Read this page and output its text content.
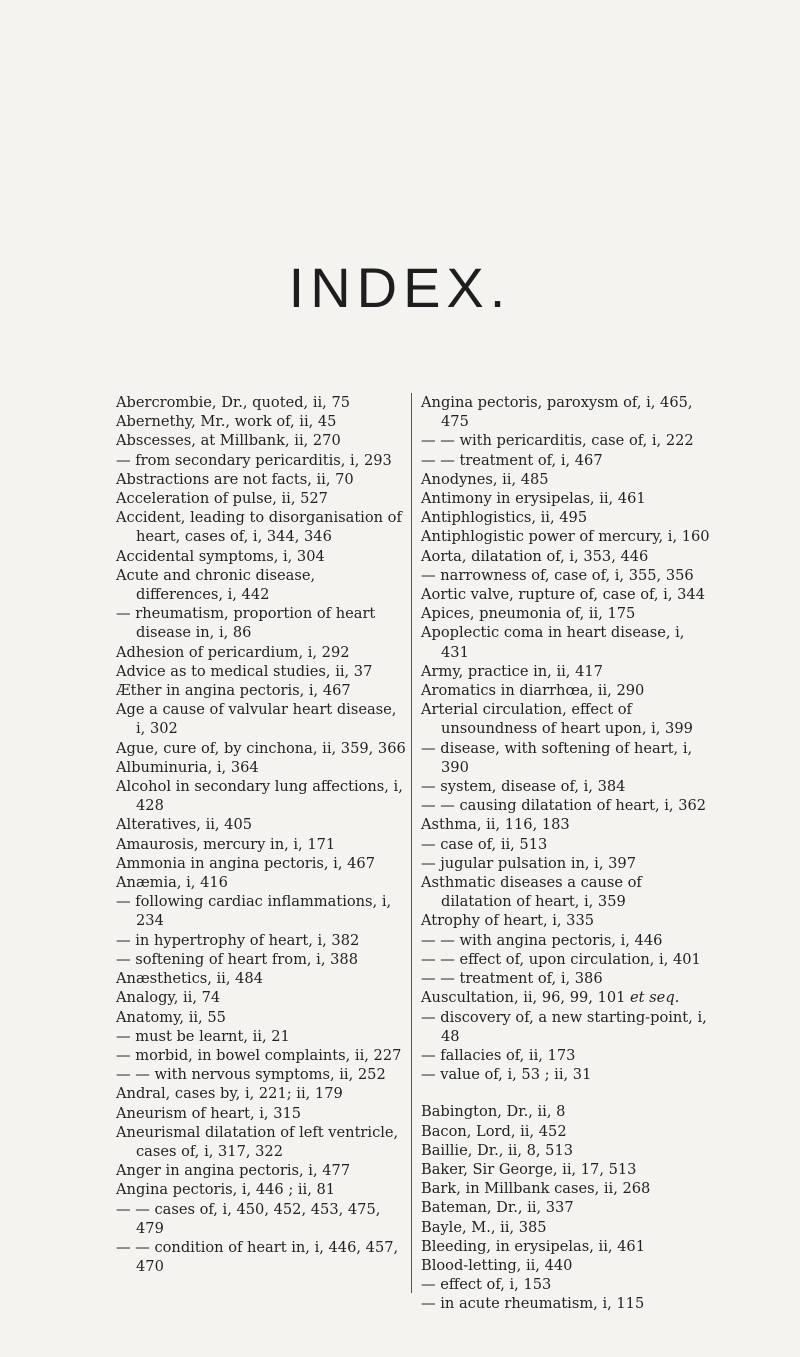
INDEX.

Abercrombie, Dr., quoted, ii, 75

Abernethy, Mr., work of, ii, 45

Abscesses, at Millbank, ii, 270

— from secondary pericarditis, i, 293

Abstractions are not facts, ii, 70

Acceleration of pulse, ii, 527

Accident, leading to disorganisation of heart, cases of, i, 344, 346

Accidental symptoms, i, 304

Acute and chronic disease, differences, i, 442

— rheumatism, proportion of heart disease in, i, 86

Adhesion of pericardium, i, 292

Advice as to medical studies, ii, 37

Æther in angina pectoris, i, 467

Age a cause of valvular heart disease, i, 302

Ague, cure of, by cinchona, ii, 359, 366

Albuminuria, i, 364

Alcohol in secondary lung affections, i, 428

Alteratives, ii, 405

Amaurosis, mercury in, i, 171

Ammonia in angina pectoris, i, 467

Anæmia, i, 416

— following cardiac inflammations, i, 234

— in hypertrophy of heart, i, 382

— softening of heart from, i, 388

Anæsthetics, ii, 484

Analogy, ii, 74

Anatomy, ii, 55

— must be learnt, ii, 21

— morbid, in bowel complaints, ii, 227

— — with nervous symptoms, ii, 252

Andral, cases by, i, 221; ii, 179

Aneurism of heart, i, 315

Aneurismal dilatation of left ventricle, cases of, i, 317, 322

Anger in angina pectoris, i, 477

Angina pectoris, i, 446 ; ii, 81

— — cases of, i, 450, 452, 453, 475, 479

— — condition of heart in, i, 446, 457, 470

Angina pectoris, paroxysm of, i, 465, 475

— — with pericarditis, case of, i, 222

— — treatment of, i, 467

Anodynes, ii, 485

Antimony in erysipelas, ii, 461

Antiphlogistics, ii, 495

Antiphlogistic power of mercury, i, 160

Aorta, dilatation of, i, 353, 446

— narrowness of, case of, i, 355, 356

Aortic valve, rupture of, case of, i, 344

Apices, pneumonia of, ii, 175

Apoplectic coma in heart disease, i, 431

Army, practice in, ii, 417

Aromatics in diarrhœa, ii, 290

Arterial circulation, effect of unsoundness of heart upon, i, 399

— disease, with softening of heart, i, 390

— system, disease of, i, 384

— — causing dilatation of heart, i, 362

Asthma, ii, 116, 183

— case of, ii, 513

— jugular pulsation in, i, 397

Asthmatic diseases a cause of dilatation of heart, i, 359

Atrophy of heart, i, 335

— — with angina pectoris, i, 446

— — effect of, upon circulation, i, 401

— — treatment of, i, 386

Auscultation, ii, 96, 99, 101 et seq.

— discovery of, a new starting-point, i, 48

— fallacies of, ii, 173

— value of, i, 53 ; ii, 31

Babington, Dr., ii, 8

Bacon, Lord, ii, 452

Baillie, Dr., ii, 8, 513

Baker, Sir George, ii, 17, 513

Bark, in Millbank cases, ii, 268

Bateman, Dr., ii, 337

Bayle, M., ii, 385

Bleeding, in erysipelas, ii, 461

Blood-letting, ii, 440

— effect of, i, 153

— in acute rheumatism, i, 115
